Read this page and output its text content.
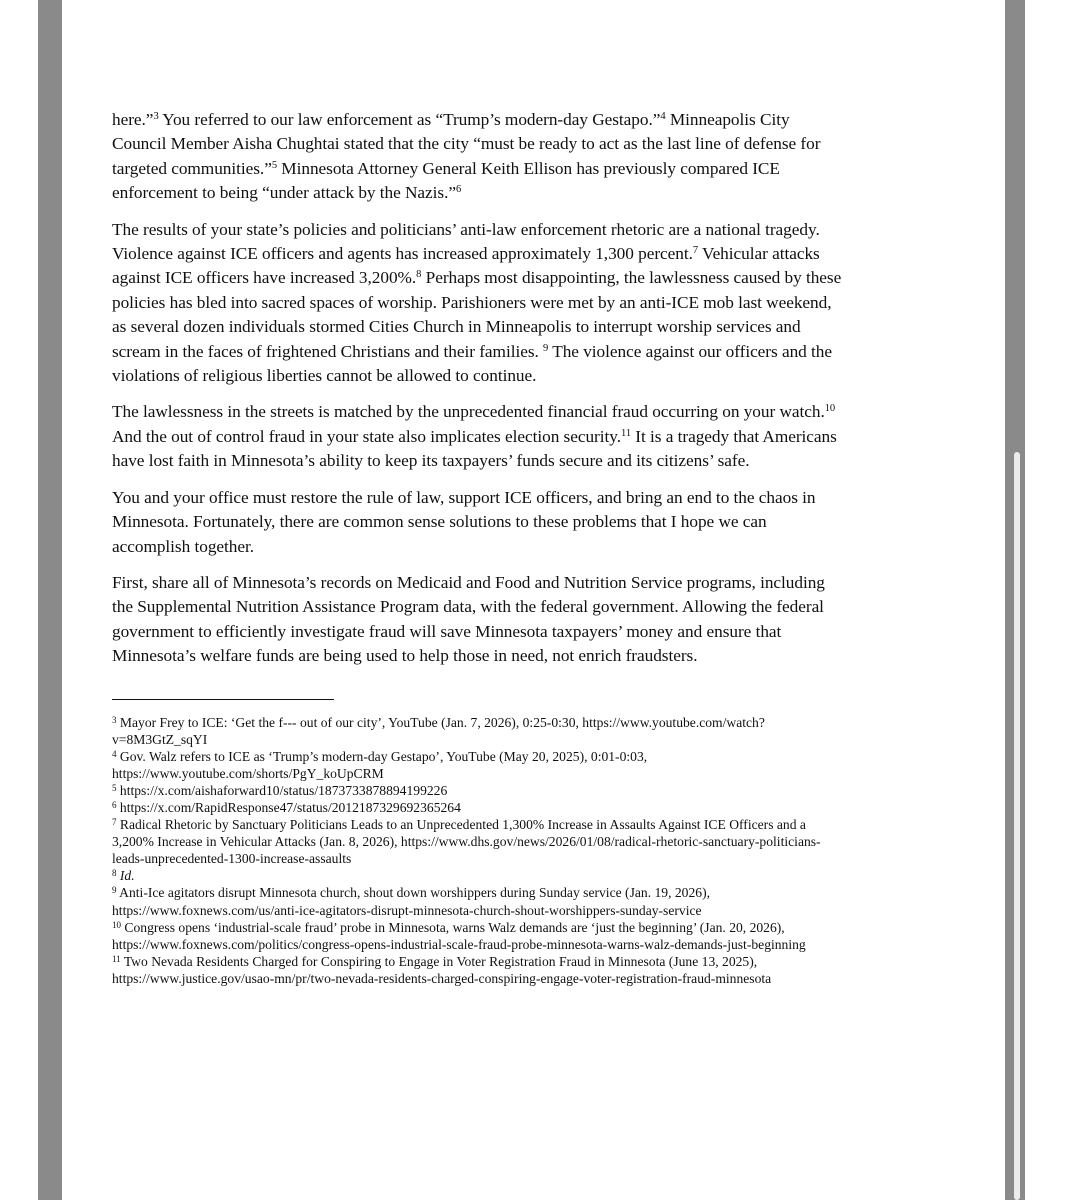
here.”$^3$ You referred to our law enforcement as “Trump’s modern-day Gestapo.”$^4$ Minneapolis City Council Member Aisha Chughtai stated that the city “must be ready to act as the last line of defense for targeted communities.”$^5$ Minnesota Attorney General Keith Ellison has previously compared ICE enforcement to being “under attack by the Nazis.”$^6$

The results of your state’s policies and politicians’ anti-law enforcement rhetoric are a national tragedy. Violence against ICE officers and agents has increased approximately 1,300 percent.$^7$ Vehicular attacks against ICE officers have increased 3,200%.$^8$ Perhaps most disappointing, the lawlessness caused by these policies has bled into sacred spaces of worship. Parishioners were met by an anti-ICE mob last weekend, as several dozen individuals stormed Cities Church in Minneapolis to interrupt worship services and scream in the faces of frightened Christians and their families. $^9$ The violence against our officers and the violations of religious liberties cannot be allowed to continue.

The lawlessness in the streets is matched by the unprecedented financial fraud occurring on your watch.$^{10}$ And the out of control fraud in your state also implicates election security.$^{11}$ It is a tragedy that Americans have lost faith in Minnesota’s ability to keep its taxpayers’ funds secure and its citizens’ safe.

You and your office must restore the rule of law, support ICE officers, and bring an end to the chaos in Minnesota. Fortunately, there are common sense solutions to these problems that I hope we can accomplish together.

First, share all of Minnesota’s records on Medicaid and Food and Nutrition Service programs, including the Supplemental Nutrition Assistance Program data, with the federal government. Allowing the federal government to efficiently investigate fraud will save Minnesota taxpayers’ money and ensure that Minnesota’s welfare funds are being used to help those in need, not enrich fraudsters.

$^3$ Mayor Frey to ICE: ‘Get the f--- out of our city’, YouTube (Jan. 7, 2026), 0:25-0:30, https://www.youtube.com/watch?v=8M3GtZ_sqYI

$^4$ Gov. Walz refers to ICE as ‘Trump’s modern-day Gestapo’, YouTube (May 20, 2025), 0:01-0:03, https://www.youtube.com/shorts/PgY_koUpCRM

$^5$ https://x.com/aishaforward10/status/1873733878894199226

$^6$ https://x.com/RapidResponse47/status/2012187329692365264

$^7$ Radical Rhetoric by Sanctuary Politicians Leads to an Unprecedented 1,300% Increase in Assaults Against ICE Officers and a 3,200% Increase in Vehicular Attacks (Jan. 8, 2026), https://www.dhs.gov/news/2026/01/08/radical-rhetoric-sanctuary-politicians-leads-unprecedented-1300-increase-assaults

$^8$ Id.

$^9$ Anti-Ice agitators disrupt Minnesota church, shout down worshippers during Sunday service (Jan. 19, 2026), https://www.foxnews.com/us/anti-ice-agitators-disrupt-minnesota-church-shout-worshippers-sunday-service

$^{10}$ Congress opens ‘industrial-scale fraud’ probe in Minnesota, warns Walz demands are ‘just the beginning’ (Jan. 20, 2026), https://www.foxnews.com/politics/congress-opens-industrial-scale-fraud-probe-minnesota-warns-walz-demands-just-beginning

$^{11}$ Two Nevada Residents Charged for Conspiring to Engage in Voter Registration Fraud in Minnesota (June 13, 2025), https://www.justice.gov/usao-mn/pr/two-nevada-residents-charged-conspiring-engage-voter-registration-fraud-minnesota
